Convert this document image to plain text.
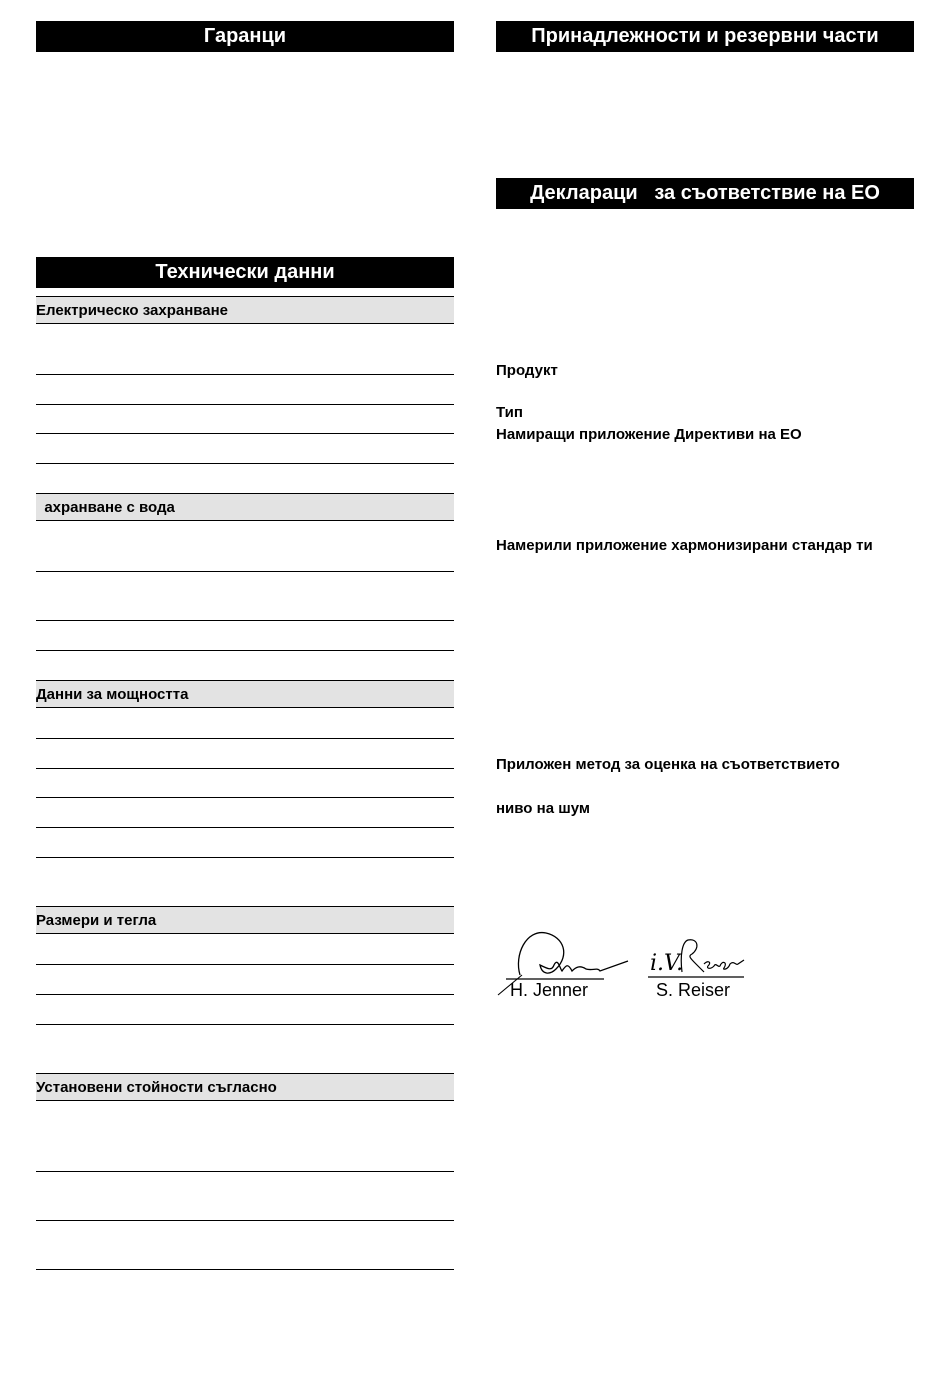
Гаранци
Технически данни
Електрическо захранване
ахранване с вода
Данни за мощността
Размери и тегла
Установени стойности съгласно
Принадлежности и резервни части
Деклараци   за съответствие на ЕО
Продукт
Тип
Намиращи приложение Директиви на ЕО
Намерили приложение хармонизирани стандар ти
Приложен метод за оценка на съответствието
ниво на шум
H. Jenner
i.V.
S. Reiser
